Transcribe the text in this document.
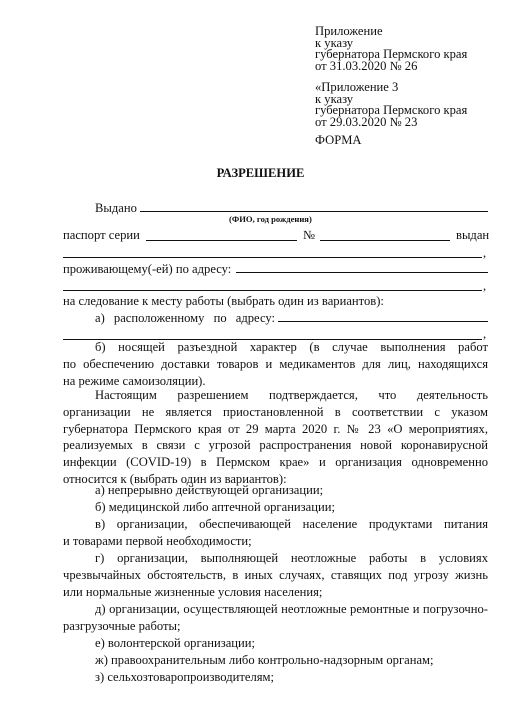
Приложение
к указу
губернатора Пермского края
от 31.03.2020 № 26
«Приложение 3
к указу
губернатора Пермского края
от 29.03.2020 № 23
ФОРМА
РАЗРЕШЕНИЕ
Выдано
(ФИО, год рождения)
паспорт серии	№	выдан
,
проживающему(-ей) по адресу:
,
на следование к месту работы (выбрать один из вариантов):
а) расположенному по адресу:
,
б) носящей разъездной характер (в случае выполнения работ
по обеспечению доставки товаров и медикаментов для лиц, находящихся
на режиме самоизоляции).
Настоящим разрешением подтверждается, что деятельность
организации не является приостановленной в соответствии с указом
губернатора Пермского края от 29 марта 2020 г. № 23 «О мероприятиях,
реализуемых в связи с угрозой распространения новой коронавирусной
инфекции (COVID-19) в Пермском крае» и организация одновременно
относится к (выбрать один из вариантов):
а) непрерывно действующей организации;
б) медицинской либо аптечной организации;
в) организации, обеспечивающей население продуктами питания
и товарами первой необходимости;
г) организации, выполняющей неотложные работы в условиях
чрезвычайных обстоятельств, в иных случаях, ставящих под угрозу жизнь
или нормальные жизненные условия населения;
д) организации, осуществляющей неотложные ремонтные и погрузочно-
разгрузочные работы;
е) волонтерской организации;
ж) правоохранительным либо контрольно-надзорным органам;
з) сельхозтоваропроизводителям;
